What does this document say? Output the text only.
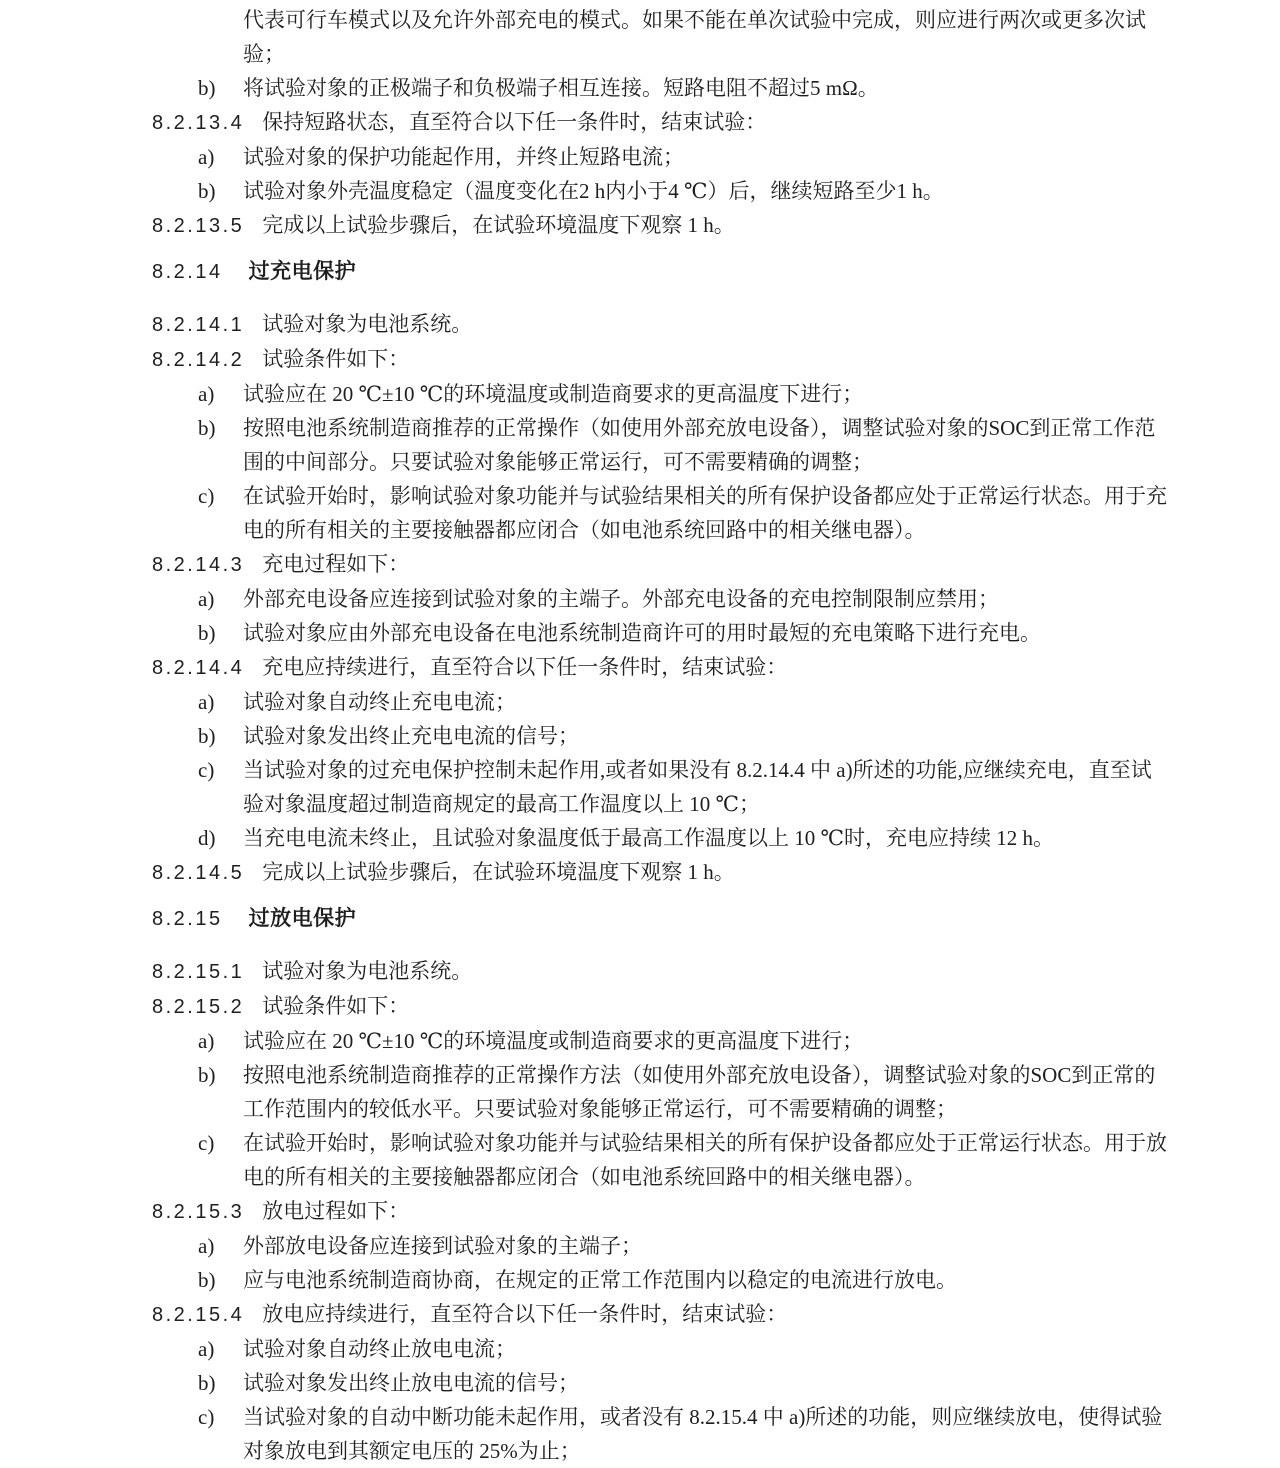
代表可行车模式以及允许外部充电的模式。如果不能在单次试验中完成，则应进行两次或更多次试验；
b) 将试验对象的正极端子和负极端子相互连接。短路电阻不超过5 mΩ。
8.2.13.4 保持短路状态，直至符合以下任一条件时，结束试验：
a) 试验对象的保护功能起作用，并终止短路电流；
b) 试验对象外壳温度稳定（温度变化在2 h内小于4 ℃）后，继续短路至少1 h。
8.2.13.5 完成以上试验步骤后，在试验环境温度下观察 1 h。
8.2.14 过充电保护
8.2.14.1 试验对象为电池系统。
8.2.14.2 试验条件如下：
a) 试验应在 20 ℃±10 ℃的环境温度或制造商要求的更高温度下进行；
b) 按照电池系统制造商推荐的正常操作（如使用外部充放电设备），调整试验对象的SOC到正常工作范围的中间部分。只要试验对象能够正常运行，可不需要精确的调整；
c) 在试验开始时，影响试验对象功能并与试验结果相关的所有保护设备都应处于正常运行状态。用于充电的所有相关的主要接触器都应闭合（如电池系统回路中的相关继电器）。
8.2.14.3 充电过程如下：
a) 外部充电设备应连接到试验对象的主端子。外部充电设备的充电控制限制应禁用；
b) 试验对象应由外部充电设备在电池系统制造商许可的用时最短的充电策略下进行充电。
8.2.14.4 充电应持续进行，直至符合以下任一条件时，结束试验：
a) 试验对象自动终止充电电流；
b) 试验对象发出终止充电电流的信号；
c) 当试验对象的过充电保护控制未起作用,或者如果没有 8.2.14.4 中 a)所述的功能,应继续充电，直至试验对象温度超过制造商规定的最高工作温度以上 10 ℃；
d) 当充电电流未终止，且试验对象温度低于最高工作温度以上 10 ℃时，充电应持续 12 h。
8.2.14.5 完成以上试验步骤后，在试验环境温度下观察 1 h。
8.2.15 过放电保护
8.2.15.1 试验对象为电池系统。
8.2.15.2 试验条件如下：
a) 试验应在 20 ℃±10 ℃的环境温度或制造商要求的更高温度下进行；
b) 按照电池系统制造商推荐的正常操作方法（如使用外部充放电设备），调整试验对象的SOC到正常的工作范围内的较低水平。只要试验对象能够正常运行，可不需要精确的调整；
c) 在试验开始时，影响试验对象功能并与试验结果相关的所有保护设备都应处于正常运行状态。用于放电的所有相关的主要接触器都应闭合（如电池系统回路中的相关继电器）。
8.2.15.3 放电过程如下：
a) 外部放电设备应连接到试验对象的主端子；
b) 应与电池系统制造商协商，在规定的正常工作范围内以稳定的电流进行放电。
8.2.15.4 放电应持续进行，直至符合以下任一条件时，结束试验：
a) 试验对象自动终止放电电流；
b) 试验对象发出终止放电电流的信号；
c) 当试验对象的自动中断功能未起作用，或者没有 8.2.15.4 中 a)所述的功能，则应继续放电，使得试验对象放电到其额定电压的 25%为止；
